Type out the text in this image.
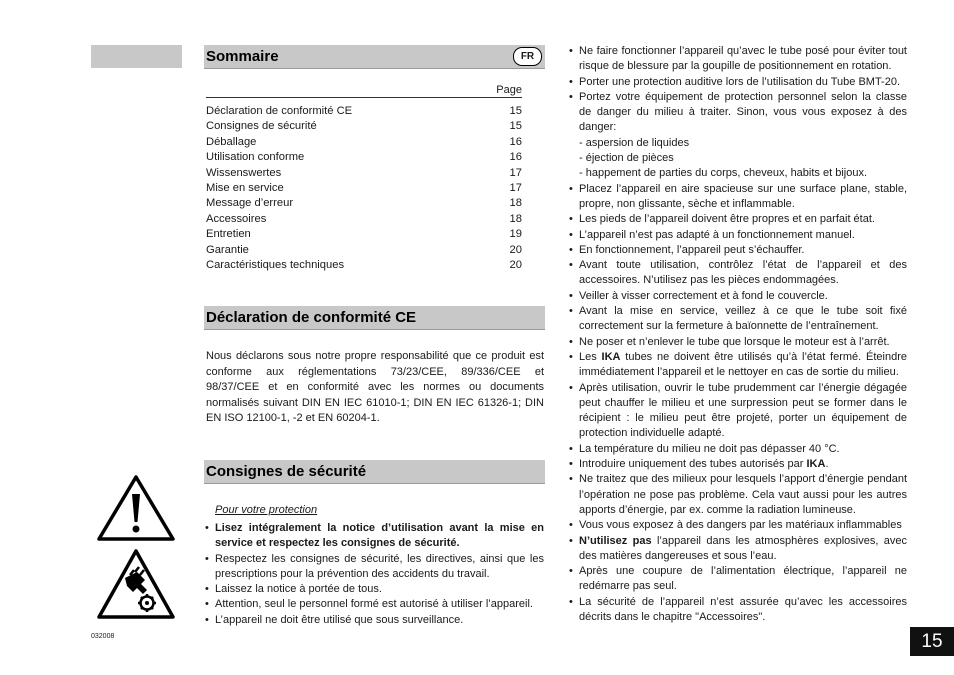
Sommaire	FR
Page
Déclaration de conformité CE	15
Consignes de sécurité	15
Déballage	16
Utilisation conforme	16
Wissenswertes	17
Mise en service	17
Message d’erreur	18
Accessoires	18
Entretien	19
Garantie	20
Caractéristiques techniques	20
Déclaration de conformité CE
Nous déclarons sous notre propre responsabilité que ce produit est conforme aux réglementations 73/23/CEE, 89/336/CEE et 98/37/CEE et en conformité avec les normes ou documents normalisés suivant DIN EN IEC 61010-1; DIN EN IEC 61326-1; DIN EN ISO 12100-1, -2 et EN 60204-1.
Consignes de sécurité
Pour votre protection
• Lisez intégralement la notice d’utilisation avant la mise en service et respectez les consignes de sécurité.
• Respectez les consignes de sécurité, les directives, ainsi que les prescriptions pour la prévention des accidents du travail.
• Laissez la notice à portée de tous.
• Attention, seul le personnel formé est autorisé à utiliser l’appareil.
• L’appareil ne doit être utilisé que sous surveillance.
• Ne faire fonctionner l’appareil qu’avec le tube posé pour éviter tout risque de blessure par la goupille de positionnement en rotation.
• Porter une protection auditive lors de l’utilisation du Tube BMT-20.
• Portez votre équipement de protection personnel selon la classe de danger du milieu à traiter. Sinon, vous vous exposez à des danger:
- aspersion de liquides
- éjection de pièces
- happement de parties du corps, cheveux, habits et bijoux.
• Placez l’appareil en aire spacieuse sur une surface plane, stable, propre, non glissante, sèche et inflammable.
• Les pieds de l’appareil doivent être propres et en parfait état.
• L’appareil n’est pas adapté à un fonctionnement manuel.
• En fonctionnement, l’appareil peut s’échauffer.
• Avant toute utilisation, contrôlez l’état de l’appareil et des accessoires. N’utilisez pas les pièces endommagées.
• Veiller à visser correctement et à fond le couvercle.
• Avant la mise en service, veillez à ce que le tube soit fixé correctement sur la fermeture à baïonnette de l’entraînement.
• Ne poser et n’enlever le tube que lorsque le moteur est à l’arrêt.
• Les IKA tubes ne doivent être utilisés qu’à l’état fermé. Éteindre immédiatement l’appareil et le nettoyer en cas de sortie du milieu.
• Après utilisation, ouvrir le tube prudemment car l’énergie dégagée peut chauffer le milieu et une surpression peut se former dans le récipient : le milieu peut être projeté, porter un équipement de protection individuelle adapté.
• La température du milieu ne doit pas dépasser 40 °C.
• Introduire uniquement des tubes autorisés par IKA.
• Ne traitez que des milieux pour lesquels l’apport d’énergie pendant l’opération ne pose pas problème. Cela vaut aussi pour les autres apports d’énergie, par ex. comme la radiation lumineuse.
• Vous vous exposez à des dangers par les matériaux inflammables
• N’utilisez pas l’appareil dans les atmosphères explosives, avec des matières dangereuses et sous l’eau.
• Après une coupure de l’alimentation électrique, l’appareil ne redémarre pas seul.
• La sécurité de l’appareil n’est assurée qu’avec les accessoires décrits dans le chapitre "Accessoires".
032008	15
